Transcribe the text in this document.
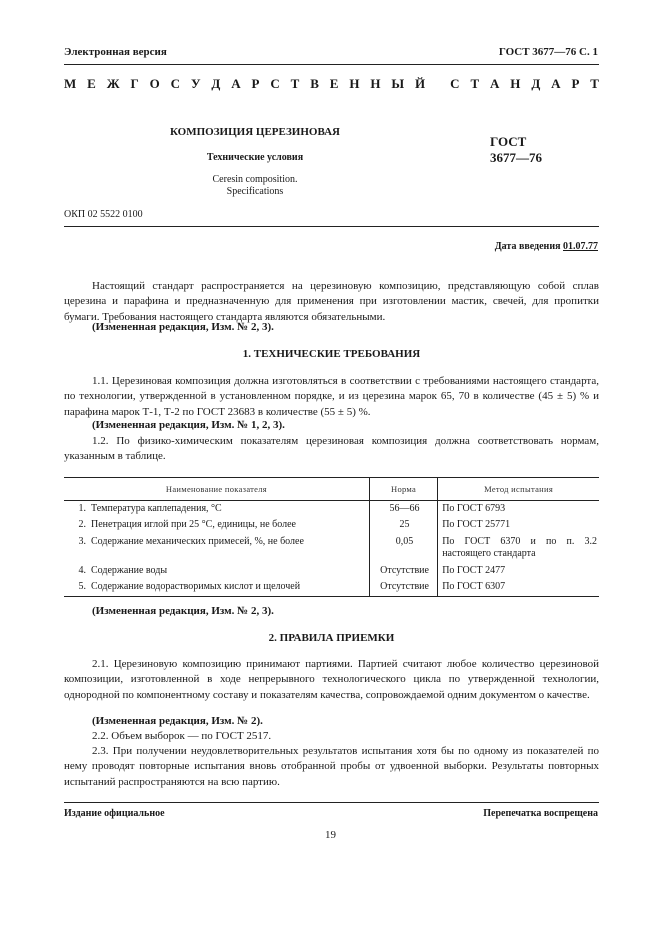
Электронная версия	ГОСТ 3677—76 С. 1
М Е Ж Г О С У Д А Р С Т В Е Н Н Ы Й
С Т А Н Д А Р Т
КОМПОЗИЦИЯ ЦЕРЕЗИНОВАЯ
Технические условия
Ceresin composition.
Specifications
ГОСТ
3677—76
ОКП 02 5522 0100
Дата введения 01.07.77

Настоящий стандарт распространяется на церезиновую композицию, представляющую собой сплав церезина и парафина и предназначенную для применения при изготовлении мастик, свечей, для пропитки бумаги. Требования настоящего стандарта являются обязательными.

(Измененная редакция, Изм. № 2, 3).
1. ТЕХНИЧЕСКИЕ ТРЕБОВАНИЯ

1.1. Церезиновая композиция должна изготовляться в соответствии с требованиями настоящего стандарта, по технологии, утвержденной в установленном порядке, и из церезина марок 65, 70 в количестве (45 ± 5) % и парафина марок Т-1, Т-2 по ГОСТ 23683 в количестве (55 ± 5) %.

(Измененная редакция, Изм. № 1, 2, 3).

1.2. По физико-химическим показателям церезиновая композиция должна соответствовать нормам, указанным в таблице.

Наименование показателя	Норма	Метод испытания
1. Температура каплепадения, °С	56—66	По ГОСТ 6793
2. Пенетрация иглой при 25 °С, единицы, не более	25	По ГОСТ 25771
3. Содержание механических примесей, %, не более	0,05	По ГОСТ 6370 и по п. 3.2 настоящего стандарта
4. Содержание воды	Отсутствие	По ГОСТ 2477
5. Содержание водорастворимых кислот и щелочей	Отсутствие	По ГОСТ 6307
(Измененная редакция, Изм. № 2, 3).
2. ПРАВИЛА ПРИЕМКИ

2.1. Церезиновую композицию принимают партиями. Партией считают любое количество церезиновой композиции, изготовленной в ходе непрерывного технологического цикла по утвержденной технологии, однородной по компонентному составу и показателям качества, сопровождаемой одним документом о качестве.

(Измененная редакция, Изм. № 2).
2.2. Объем выборок — по ГОСТ 2517.

2.3. При получении неудовлетворительных результатов испытания хотя бы по одному из показателей по нему проводят повторные испытания вновь отобранной пробы от удвоенной выборки. Результаты повторных испытаний распространяются на всю партию.

Издание официальное	Перепечатка воспрещена
19
